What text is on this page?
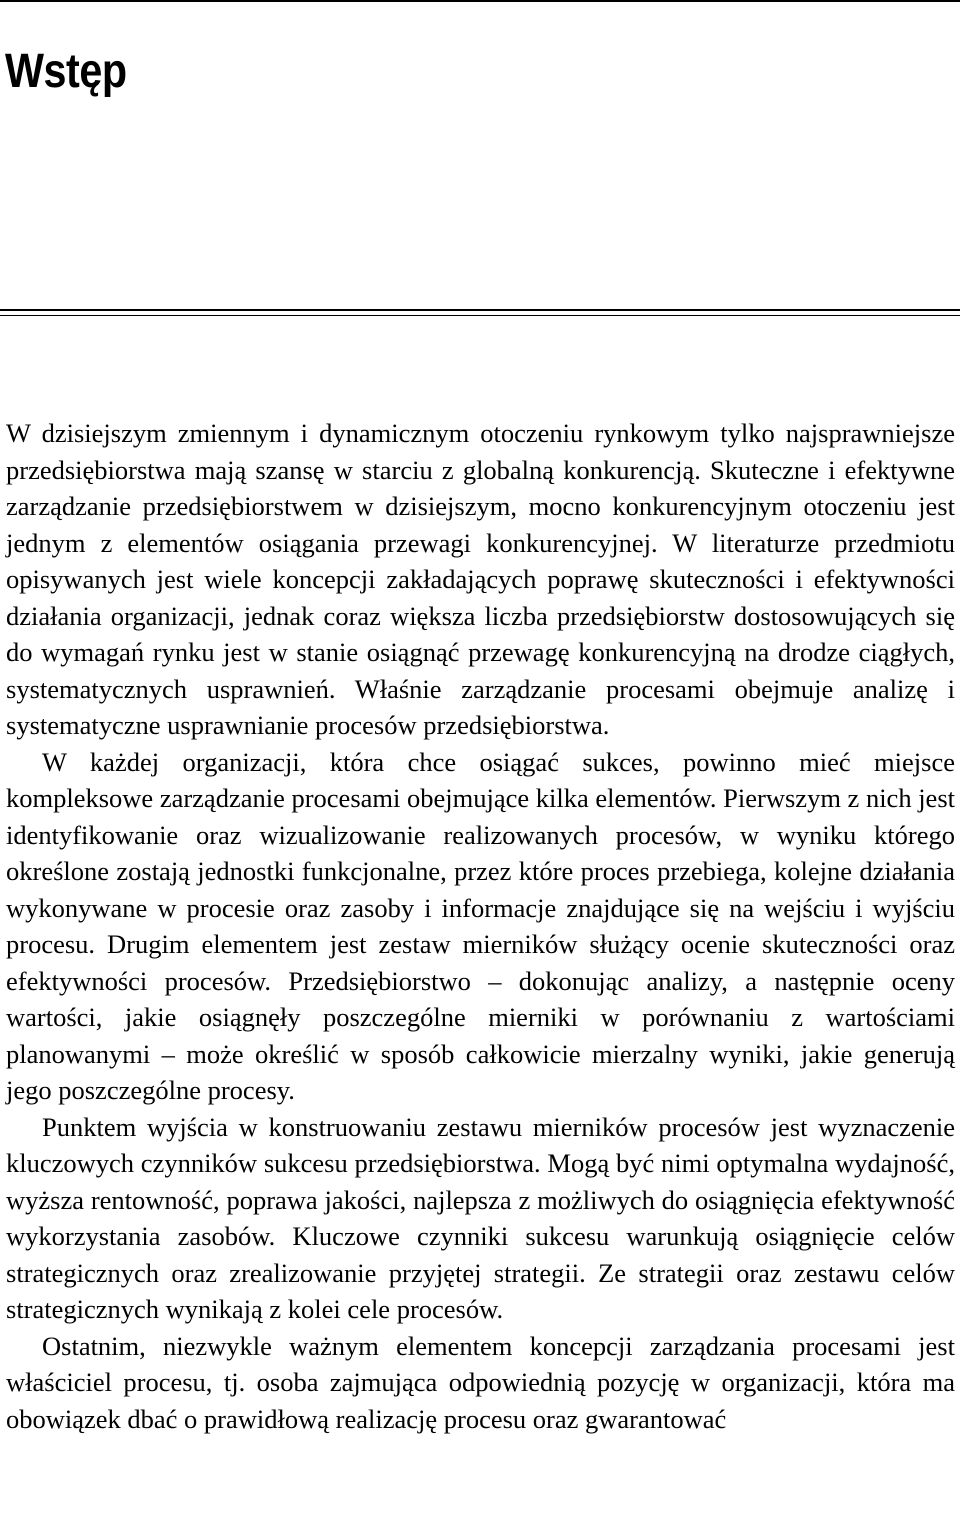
Wstęp

W dzisiejszym zmiennym i dynamicznym otoczeniu rynkowym tylko najsprawniejsze przedsiębiorstwa mają szansę w starciu z globalną konkurencją. Skuteczne i efektywne zarządzanie przedsiębiorstwem w dzisiejszym, mocno konkurencyjnym otoczeniu jest jednym z elementów osiągania przewagi konkurencyjnej. W literaturze przedmiotu opisywanych jest wiele koncepcji zakładających poprawę skuteczności i efektywności działania organizacji, jednak coraz większa liczba przedsiębiorstw dostosowujących się do wymagań rynku jest w stanie osiągnąć przewagę konkurencyjną na drodze ciągłych, systematycznych usprawnień. Właśnie zarządzanie procesami obejmuje analizę i systematyczne usprawnianie procesów przedsiębiorstwa.

W każdej organizacji, która chce osiągać sukces, powinno mieć miejsce kompleksowe zarządzanie procesami obejmujące kilka elementów. Pierwszym z nich jest identyfikowanie oraz wizualizowanie realizowanych procesów, w wyniku którego określone zostają jednostki funkcjonalne, przez które proces przebiega, kolejne działania wykonywane w procesie oraz zasoby i informacje znajdujące się na wejściu i wyjściu procesu. Drugim elementem jest zestaw mierników służący ocenie skuteczności oraz efektywności procesów. Przedsiębiorstwo – dokonując analizy, a następnie oceny wartości, jakie osiągnęły poszczególne mierniki w porównaniu z wartościami planowanymi – może określić w sposób całkowicie mierzalny wyniki, jakie generują jego poszczególne procesy.

Punktem wyjścia w konstruowaniu zestawu mierników procesów jest wyznaczenie kluczowych czynników sukcesu przedsiębiorstwa. Mogą być nimi optymalna wydajność, wyższa rentowność, poprawa jakości, najlepsza z możliwych do osiągnięcia efektywność wykorzystania zasobów. Kluczowe czynniki sukcesu warunkują osiągnięcie celów strategicznych oraz zrealizowanie przyjętej strategii. Ze strategii oraz zestawu celów strategicznych wynikają z kolei cele procesów.

Ostatnim, niezwykle ważnym elementem koncepcji zarządzania procesami jest właściciel procesu, tj. osoba zajmująca odpowiednią pozycję w organizacji, która ma obowiązek dbać o prawidłową realizację procesu oraz gwarantować
